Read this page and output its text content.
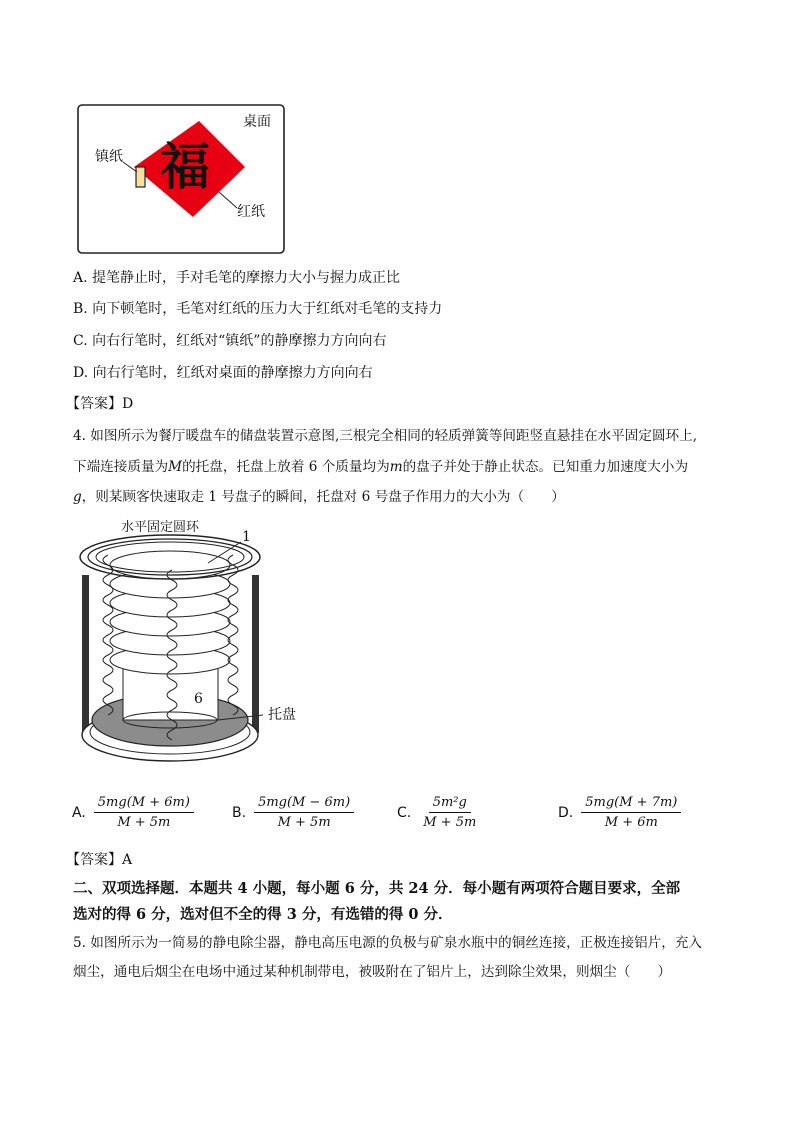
福
桌面
镇纸
红纸
A. 提笔静止时，手对毛笔的摩擦力大小与握力成正比
B. 向下顿笔时，毛笔对红纸的压力大于红纸对毛笔的支持力
C. 向右行笔时，红纸对“镇纸”的静摩擦力方向向右
D. 向右行笔时，红纸对桌面的静摩擦力方向向右
【答案】D
4. 如图所示为餐厅暖盘车的储盘装置示意图,三根完全相同的轻质弹簧等间距竖直悬挂在水平固定圆环上,
下端连接质量为M的托盘，托盘上放着 6 个质量均为m的盘子并处于静止状态。已知重力加速度大小为
g，则某顾客快速取走 1 号盘子的瞬间，托盘对 6 号盘子作用力的大小为（　　）
水平固定圆环
1
6
托盘
A. $\frac{5mg(M + 6m)}{M + 5m}$	B. $\frac{5mg(M - 6m)}{M + 5m}$	C. $\frac{\text{5m²g}}{M + 5m}$	D. $\frac{5mg(M + 7m)}{M + 6m}$
【答案】A
二、双项选择题．本题共 4 小题，每小题 6 分，共 24 分．每小题有两项符合题目要求，全部
选对的得 6 分，选对但不全的得 3 分，有选错的得 0 分．
5. 如图所示为一简易的静电除尘器，静电高压电源的负极与矿泉水瓶中的铜丝连接，正极连接铝片，充入
烟尘，通电后烟尘在电场中通过某种机制带电，被吸附在了铝片上，达到除尘效果，则烟尘（　　）
